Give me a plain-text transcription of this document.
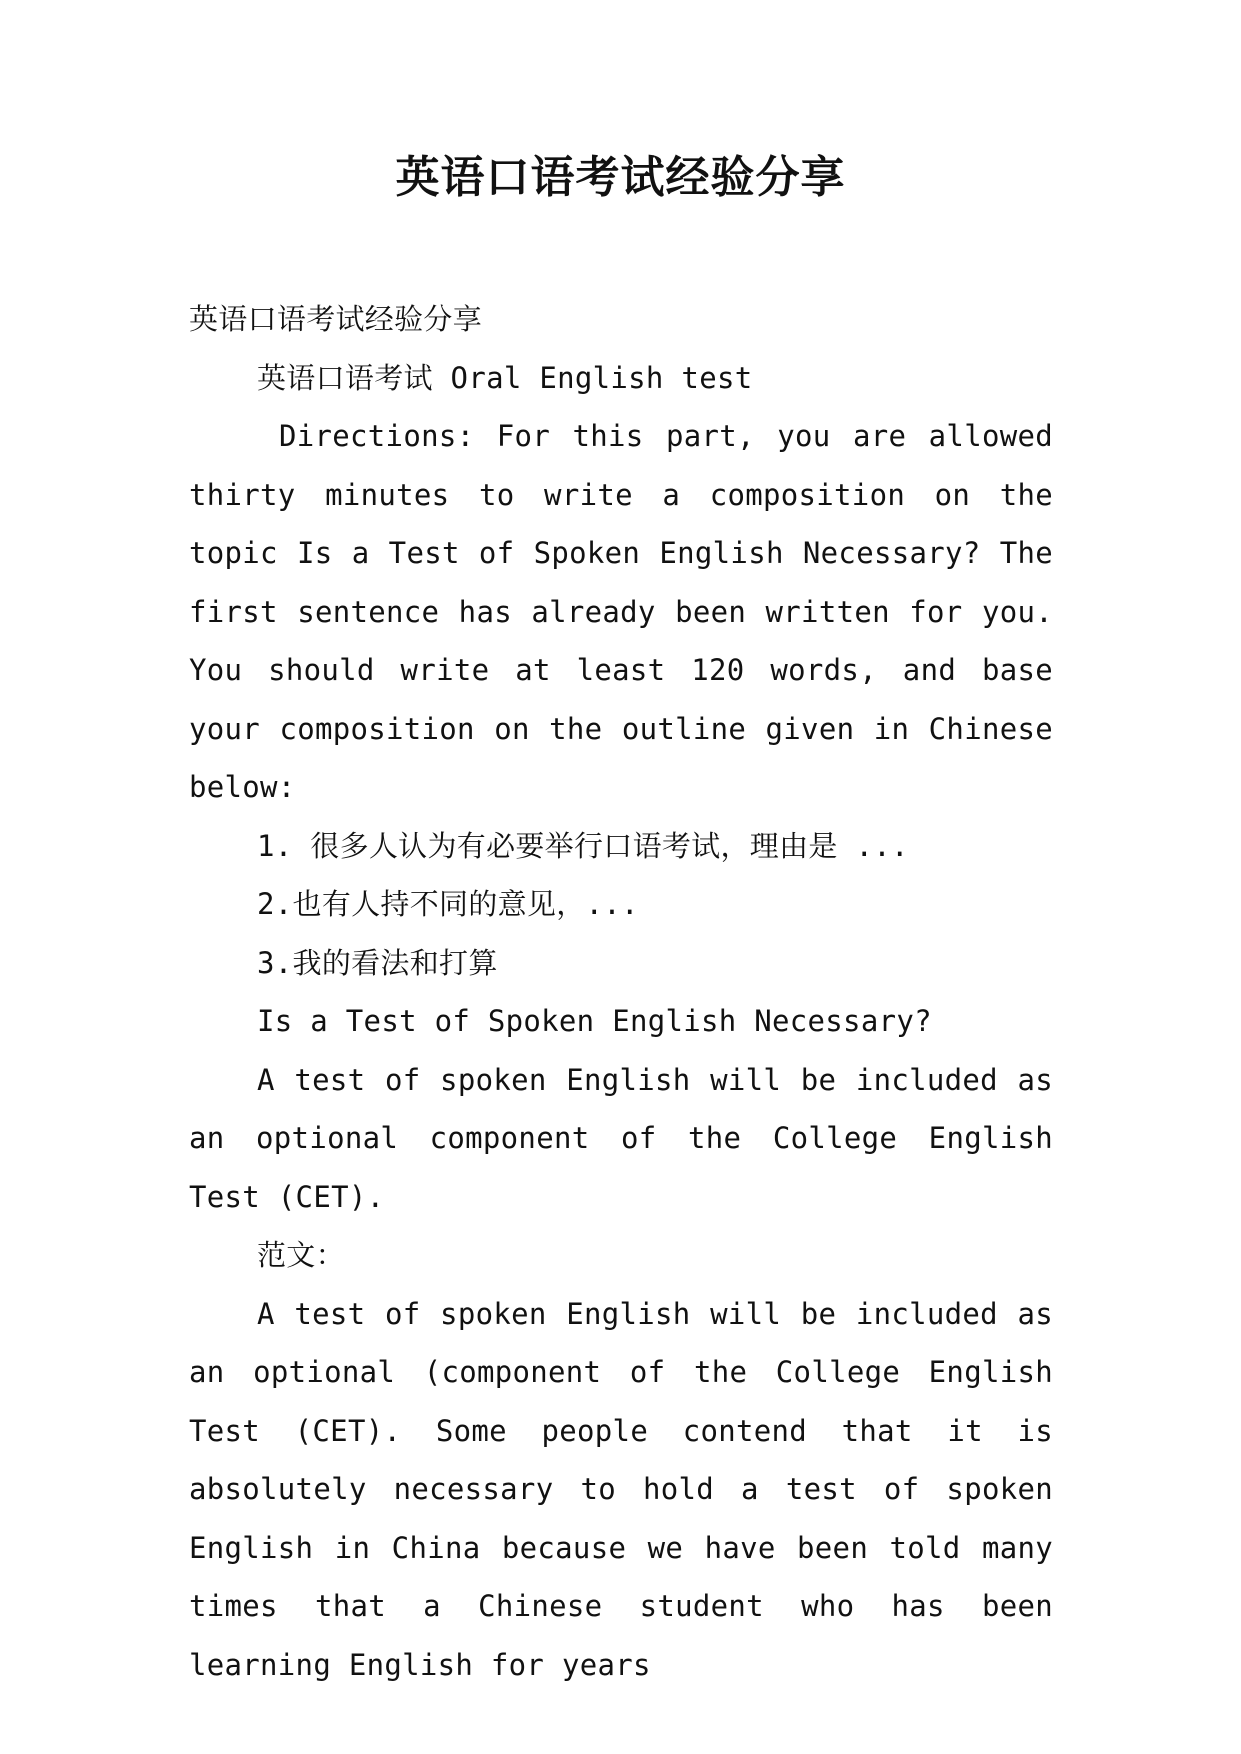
英语口语考试经验分享

英语口语考试经验分享

英语口语考试 Oral English test

Directions: For this part, you are allowed thirty minutes to write a composition on the topic Is a Test of Spoken English Necessary? The first sentence has already been written for you. You should write at least 120 words, and base your composition on the outline given in Chinese below:

1. 很多人认为有必要举行口语考试，理由是 ...

2.也有人持不同的意见，...

3.我的看法和打算

Is a Test of Spoken English Necessary?

A test of spoken English will be included as an optional component of the College English Test (CET).

范文：

A test of spoken English will be included as an optional (component of the College English Test (CET). Some people contend that it is absolutely necessary to hold a test of spoken English in China because we have been told many times that a Chinese student who has been learning English for years
